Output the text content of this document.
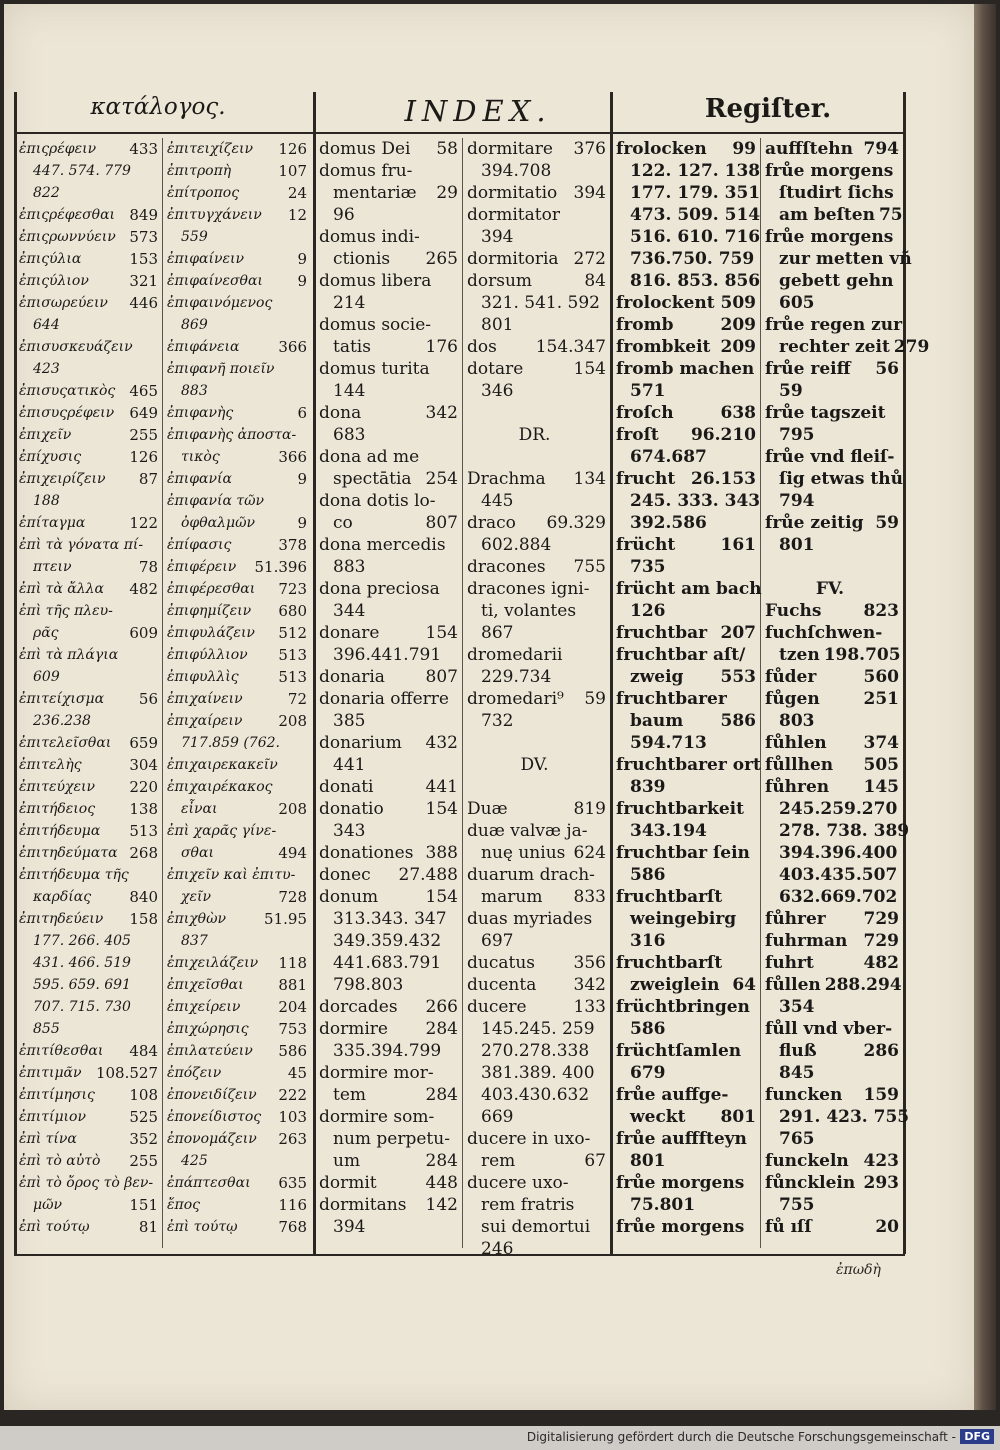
κατάλογος.	INDEX.	Regiſter.
ἐπιςρέφειν	433
447. 574. 779
822
ἐπιςρέφεσθαι 849
ἐπιςρωννύειν 573
ἐπιςύλια	153
ἐπιςύλιον	321
ἐπισωρεύειν	446
644
ἐπισυσκευάζειν
423
ἐπισυςατικὸς 465
ἐπισυςρέφειν	649
ἐπιχεῖν	255
ἐπίχυσις	126
ἐπιχειρίζειν	87
188
ἐπίταγμα	122
ἐπὶ τὰ γόνατα πί-
πτειν	78
ἐπὶ τὰ ἄλλα	482
ἐπὶ τῆς πλευ-
ρᾶς	609
ἐπὶ τὰ πλάγια
609
ἐπιτείχισμα	56
236.238
ἐπιτελεῖσθαι	659
ἐπιτελὴς	304
ἐπιτεύχειν	220
ἐπιτήδειος	138
ἐπιτήδευμα	513
ἐπιτηδεύματα 268
ἐπιτήδευμα τῆς
καρδίας	840
ἐπιτηδεύειν	158
177. 266. 405
431. 466. 519
595. 659. 691
707. 715. 730
855
ἐπιτίθεσθαι	484
ἐπιτιμᾶν 108.527
ἐπιτίμησις	108
ἐπιτίμιον	525
ἐπὶ τίνα	352
ἐπὶ τὸ αὐτὸ	255
ἐπὶ τὸ ὄρος τὸ βεν-
μῶν	151
ἐπὶ τούτῳ	81
ἐπιτειχίζειν	126
ἐπιτροπὴ	107
ἐπίτροπος	24
ἐπιτυγχάνειν	12
559
ἐπιφαίνειν	9
ἐπιφαίνεσθαι	9
ἐπιφαινόμενος
869
ἐπιφάνεια	366
ἐπιφανῆ ποιεῖν
883
ἐπιφανὴς	6
ἐπιφανὴς ἀποστα-
τικὸς	366
ἐπιφανία	9
ἐπιφανία τῶν
ὀφθαλμῶν	9
ἐπίφασις	378
ἐπιφέρειν	51.396
ἐπιφέρεσθαι	723
ἐπιφημίζειν	680
ἐπιφυλάζειν	512
ἐπιφύλλιον	513
ἐπιφυλλὶς	513
ἐπιχαίνειν	72
ἐπιχαίρειν	208
717.859 (762.
ἐπιχαιρεκακεῖν
ἐπιχαιρέκακος
εἶναι	208
ἐπὶ χαρᾶς γίνε-
σθαι	494
ἐπιχεῖν καὶ ἐπιτυ-
χεῖν	728
ἐπιχθὼν	51.95
837
ἐπιχειλάζειν	118
ἐπιχεῖσθαι	881
ἐπιχείρειν	204
ἐπιχώρησις	753
ἐπιλατεύειν	586
ἐπόζειν	45
ἐπονειδίζειν	222
ἐπονείδιστος	103
ἐπονομάζειν	263
425
ἐπάπτεσθαι	635
ἔπος	116
ἐπὶ τούτῳ	768
domus Dei	58
domus fru-
mentariæ	29
96
domus indi-
ctionis	265
domus libera
214
domus socie-
tatis	176
domus turita
144
dona	342
683
dona ad me
spectātia 254
dona dotis lo-
co	807
dona mercedis
883
dona preciosa
344
donare	154
396.441.791
donaria	807
donaria offerre
385
donarium	432
441
donati	441
donatio	154
343
donationes 388
donec	27.488
donum	154
313.343. 347
349.359.432
441.683.791
798.803
dorcades	266
dormire	284
335.394.799
dormire mor-
tem	284
dormire som-
num perpetu-
um	284
dormit	448
dormitans	142
394
dormitare	376
394.708
dormitatio 394
dormitator
394
dormitoria 272
dorsum	84
321. 541. 592
801
dos	154.347
dotare	154
346
DR.
Drachma	134
445
draco	69.329
602.884
dracones	755
dracones igni-
ti, volantes
867
dromedarii
229.734
dromedari⁹	59
732
DV.
Duæ	819
duæ valvæ ja-
nuę unius 624
duarum drach-
marum	833
duas myriades
697
ducatus	356
ducenta	342
ducere	133
145.245. 259
270.278.338
381.389. 400
403.430.632
669
ducere in uxo-
rem	67
ducere uxo-
rem fratris
sui demortui
246
frolocken	99
122. 127. 138
177. 179. 351
473. 509. 514
516. 610. 716
736.750. 759
816. 853. 856
frolockent 509
fromb	209
frombkeit 209
fromb machen
571
froſch	638
froſt	96.210
674.687
frucht 26.153
245. 333. 343
392.586
frücht	161
735
frücht am bach
126
fruchtbar 207
fruchtbar aſt/
zweig	553
fruchtbarer
baum	586
594.713
fruchtbarer ort
839
fruchtbarkeit
343.194
fruchtbar ſein
586
fruchtbarſt
weingebirg
316
fruchtbarſt
zweiglein 64
früchtbringen
586
früchtſamlen
679
frůe auffge-
weckt	801
frůe aufffteyn
801
frůe morgens
75.801
frůe morgens
auffſtehn 794
frůe morgens
ſtudirt ſichs
am beſten 75
frůe morgens
zur metten vñ
gebett gehn
605
frůe regen zur
rechter zeit 279
frůe reiff	56
59
frůe tagszeit
795
frůe vnd fleiſ-
ſig etwas thů
794
frůe zeitig 59
801
FV.
Fuchs	823
fuchſchwen-
tzen 198.705
fůder	560
fůgen	251
803
fůhlen	374
fůllhen	505
fůhren	145
245.259.270
278. 738. 389
394.396.400
403.435.507
632.669.702
fůhrer	729
fuhrman 729
fuhrt	482
fůllen 288.294
354
fůll vnd vber-
fluß	286
845
funcken	159
291. 423. 755
765
funckeln 423
fůncklein 293
755
fů ıſſ	20
ἐπωδὴ
Digitalisierung gefördert durch die Deutsche Forschungsgemeinschaft - DFG
